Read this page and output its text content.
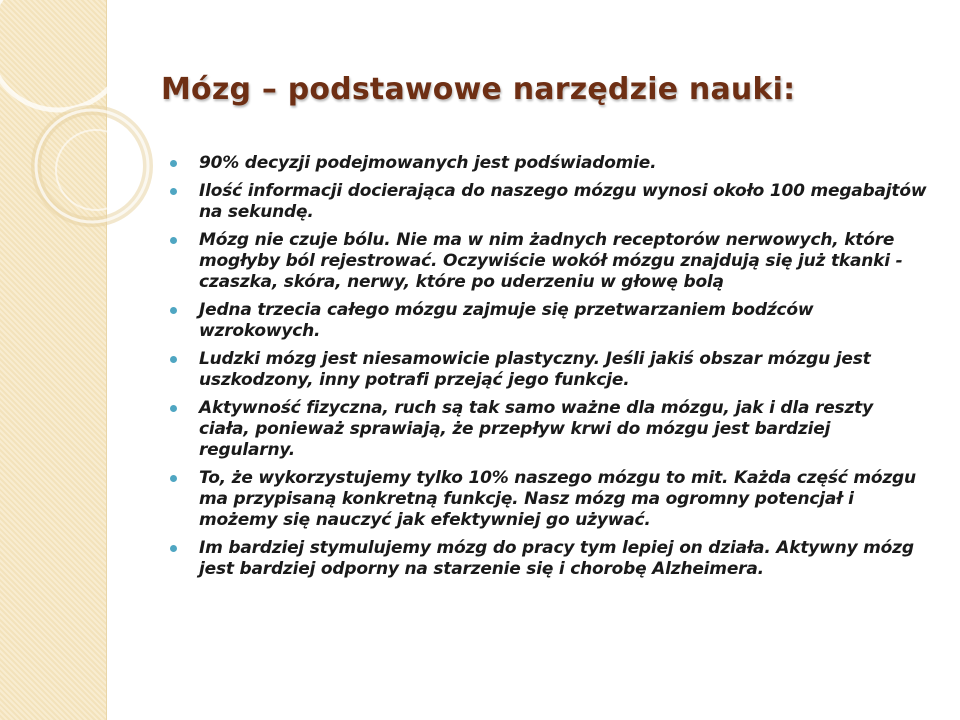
Mózg – podstawowe narzędzie nauki:
90% decyzji podejmowanych jest podświadomie.
Ilość informacji docierająca do naszego mózgu wynosi około 100 megabajtów na sekundę.
Mózg nie czuje bólu. Nie ma w nim żadnych receptorów nerwowych, które mogłyby ból rejestrować. Oczywiście wokół mózgu znajdują się już tkanki - czaszka, skóra, nerwy, które po uderzeniu w głowę bolą
Jedna trzecia całego mózgu zajmuje się przetwarzaniem bodźców wzrokowych.
Ludzki mózg jest niesamowicie plastyczny. Jeśli jakiś obszar mózgu jest uszkodzony, inny potrafi przejąć jego funkcje.
Aktywność fizyczna, ruch są tak samo ważne dla mózgu, jak i dla reszty ciała, ponieważ sprawiają, że przepływ krwi do mózgu jest bardziej regularny.
To, że wykorzystujemy tylko 10% naszego mózgu to mit. Każda część mózgu ma przypisaną konkretną funkcję. Nasz mózg ma ogromny potencjał i możemy się nauczyć jak efektywniej go używać.
Im bardziej stymulujemy mózg do pracy tym lepiej on działa. Aktywny mózg jest bardziej odporny na starzenie się i chorobę Alzheimera.
